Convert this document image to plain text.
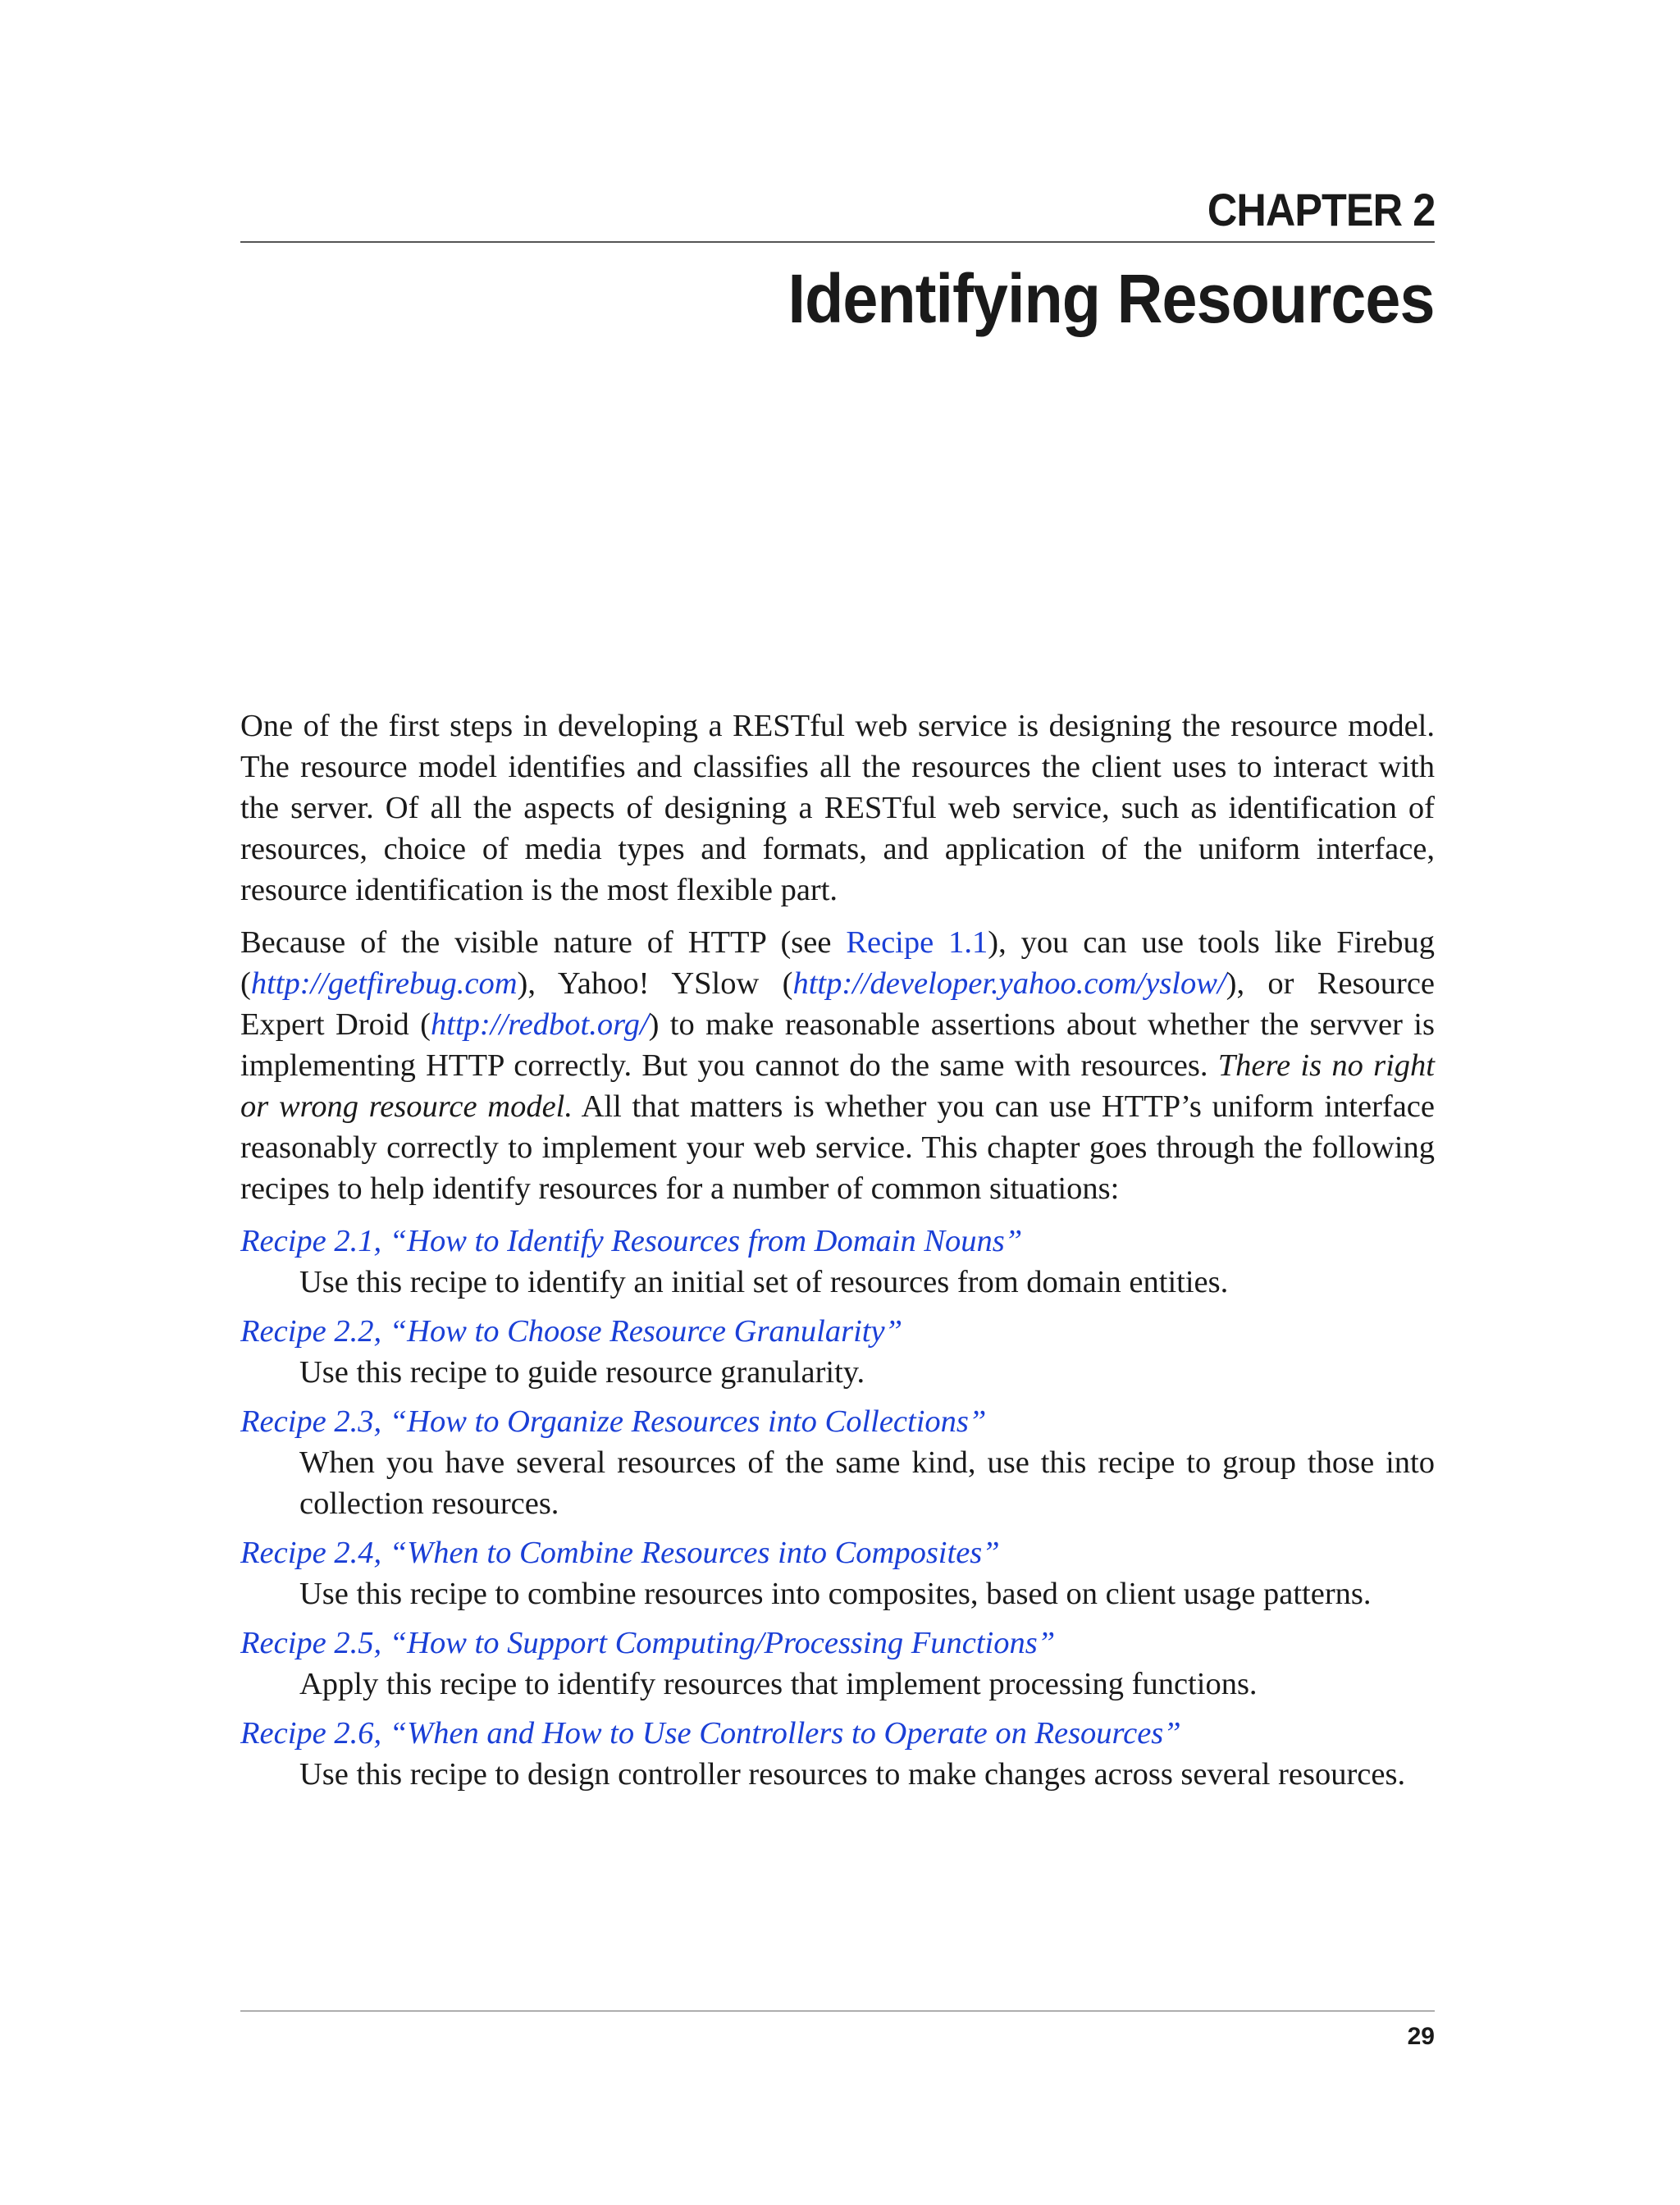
CHAPTER 2
Identifying Resources

One of the first steps in developing a RESTful web service is designing the resource model. The resource model identifies and classifies all the resources the client uses to interact with the server. Of all the aspects of designing a RESTful web service, such as identification of resources, choice of media types and formats, and application of the uniform interface, resource identification is the most flexible part.

Because of the visible nature of HTTP (see Recipe 1.1), you can use tools like Firebug (http://getfirebug.com), Yahoo! YSlow (http://developer.yahoo.com/yslow/), or Resource Expert Droid (http://redbot.org/) to make reasonable assertions about whether the servver is implementing HTTP correctly. But you cannot do the same with resources. There is no right or wrong resource model. All that matters is whether you can use HTTP’s uniform interface reasonably correctly to implement your web service. This chapter goes through the following recipes to help identify resources for a number of common situations:

Recipe 2.1, “How to Identify Resources from Domain Nouns”
Use this recipe to identify an initial set of resources from domain entities.
Recipe 2.2, “How to Choose Resource Granularity”
Use this recipe to guide resource granularity.
Recipe 2.3, “How to Organize Resources into Collections”
When you have several resources of the same kind, use this recipe to group those into collection resources.
Recipe 2.4, “When to Combine Resources into Composites”
Use this recipe to combine resources into composites, based on client usage patterns.
Recipe 2.5, “How to Support Computing/Processing Functions”
Apply this recipe to identify resources that implement processing functions.
Recipe 2.6, “When and How to Use Controllers to Operate on Resources”
Use this recipe to design controller resources to make changes across several resources.
29
